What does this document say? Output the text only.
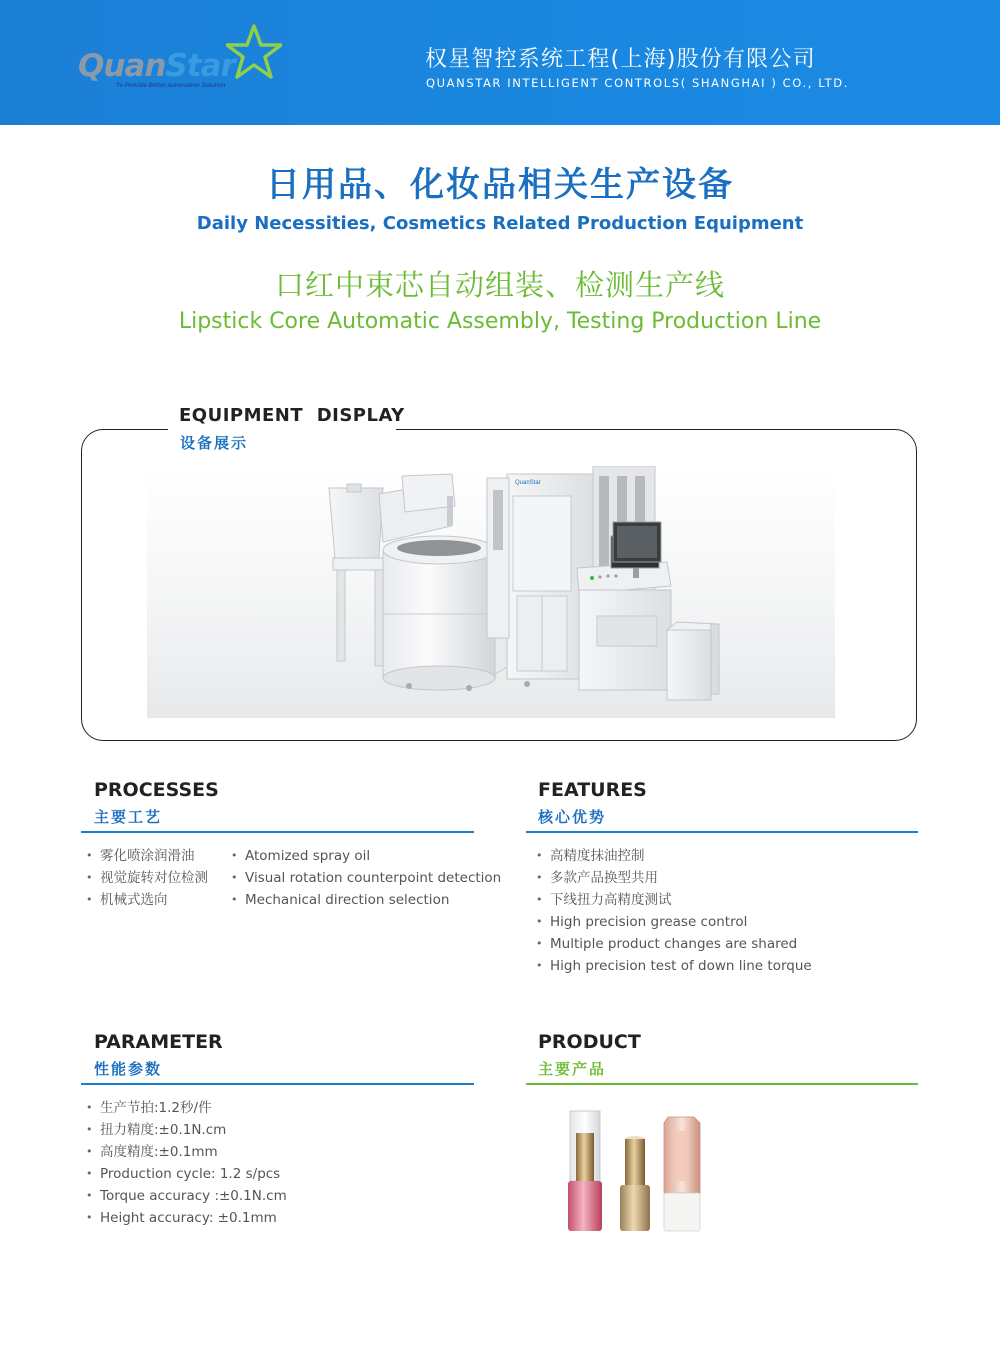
QuanStar
To Provide Better automation Solution
权星智控系统工程(上海)股份有限公司
QUANSTAR INTELLIGENT CONTROLS( SHANGHAI ) CO., LTD.
日用品、化妆品相关生产设备
Daily Necessities, Cosmetics Related Production Equipment
口红中束芯自动组装、检测生产线
Lipstick Core Automatic Assembly, Testing Production Line
EQUIPMENT  DISPLAY
设备展示
QuanStar
PROCESSES
主要工艺
• 雾化喷涂润滑油
• 视觉旋转对位检测
• 机械式选向
• Atomized spray oil
• Visual rotation counterpoint detection
• Mechanical direction selection
FEATURES
核心优势
• 高精度抹油控制
• 多款产品换型共用
• 下线扭力高精度测试
• High precision grease control
• Multiple product changes are shared
• High precision test of down line torque
PARAMETER
性能参数
• 生产节拍:1.2秒/件
• 扭力精度:±0.1N.cm
• 高度精度:±0.1mm
• Production cycle: 1.2 s/pcs
• Torque accuracy :±0.1N.cm
• Height accuracy: ±0.1mm
PRODUCT
主要产品
